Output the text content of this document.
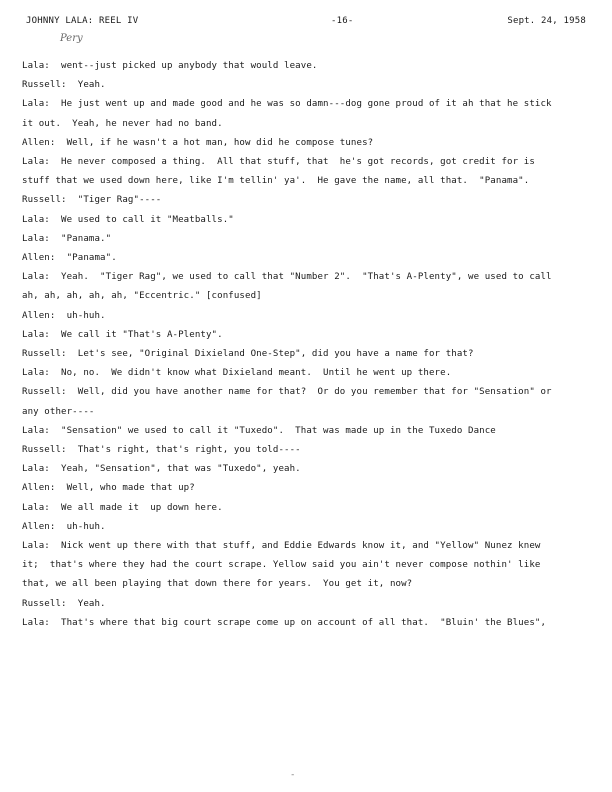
JOHNNY LALA: REEL IV	-16-	Sept. 24, 1958
Pery

Lala:  went--just picked up anybody that would leave.

Russell:  Yeah.

Lala:  He just went up and made good and he was so damn---dog gone proud of it ah that he stick

it out.  Yeah, he never had no band.

Allen:  Well, if he wasn't a hot man, how did he compose tunes?

Lala:  He never composed a thing.  All that stuff, that  he's got records, got credit for is

stuff that we used down here, like I'm tellin' ya'.  He gave the name, all that.  "Panama".

Russell:  "Tiger Rag"----

Lala:  We used to call it "Meatballs."

Lala:  "Panama."

Allen:  "Panama".

Lala:  Yeah.  "Tiger Rag", we used to call that "Number 2".  "That's A-Plenty", we used to call

ah, ah, ah, ah, ah, "Eccentric." [confused]

Allen:  uh-huh.

Lala:  We call it "That's A-Plenty".

Russell:  Let's see, "Original Dixieland One-Step", did you have a name for that?

Lala:  No, no.  We didn't know what Dixieland meant.  Until he went up there.

Russell:  Well, did you have another name for that?  Or do you remember that for "Sensation" or

any other----

Lala:  "Sensation" we used to call it "Tuxedo".  That was made up in the Tuxedo Dance

Russell:  That's right, that's right, you told----

Lala:  Yeah, "Sensation", that was "Tuxedo", yeah.

Allen:  Well, who made that up?

Lala:  We all made it  up down here.

Allen:  uh-huh.

Lala:  Nick went up there with that stuff, and Eddie Edwards know it, and "Yellow" Nunez knew

it;  that's where they had the court scrape. Yellow said you ain't never compose nothin' like

that, we all been playing that down there for years.  You get it, now?

Russell:  Yeah.

Lala:  That's where that big court scrape come up on account of all that.  "Bluin' the Blues",

-
